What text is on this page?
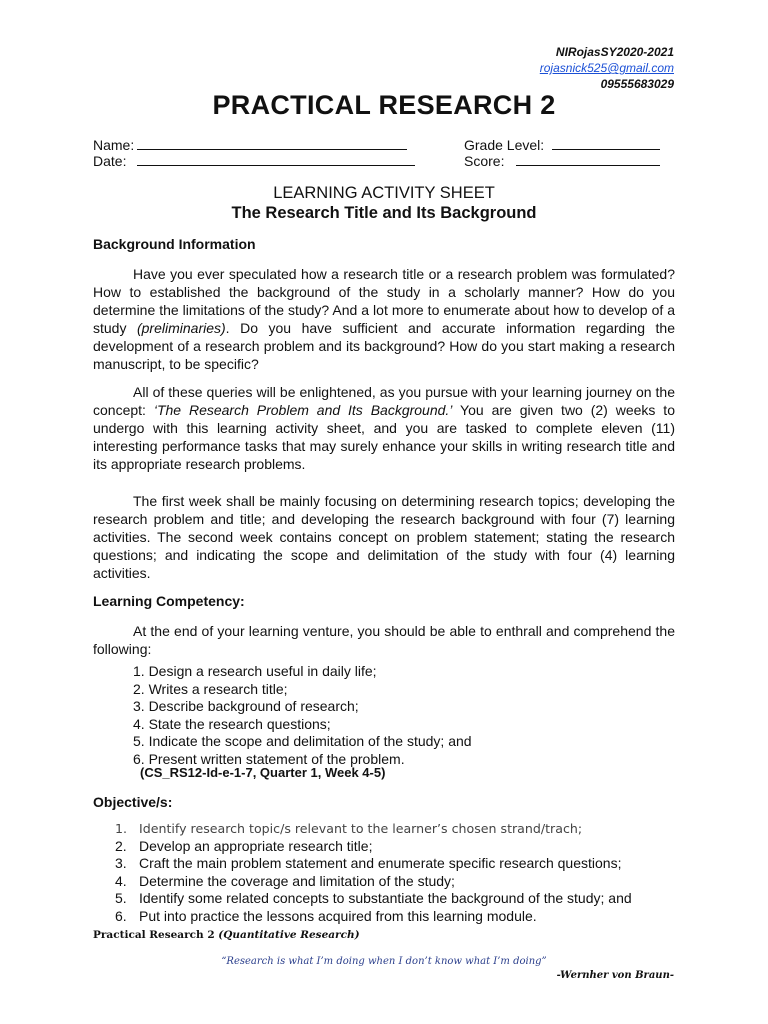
NIRojasSY2020-2021
rojasnick525@gmail.com
09555683029
PRACTICAL RESEARCH 2
Name:	Grade Level:
Date:	Score:
LEARNING ACTIVITY SHEET
The Research Title and Its Background
Background Information
Have you ever speculated how a research title or a research problem was formulated? How to established the background of the study in a scholarly manner? How do you determine the limitations of the study? And a lot more to enumerate about how to develop of a study (preliminaries). Do you have sufficient and accurate information regarding the development of a research problem and its background? How do you start making a research manuscript, to be specific?
All of these queries will be enlightened, as you pursue with your learning journey on the concept: ‘The Research Problem and Its Background.’ You are given two (2) weeks to undergo with this learning activity sheet, and you are tasked to complete eleven (11) interesting performance tasks that may surely enhance your skills in writing research title and its appropriate research problems.
The first week shall be mainly focusing on determining research topics; developing the research problem and title; and developing the research background with four (7) learning activities. The second week contains concept on problem statement; stating the research questions; and indicating the scope and delimitation of the study with four (4) learning activities.
Learning Competency:
At the end of your learning venture, you should be able to enthrall and comprehend the following:
1. Design a research useful in daily life;
2. Writes a research title;
3. Describe background of research;
4. State the research questions;
5. Indicate the scope and delimitation of the study; and
6. Present written statement of the problem.
(CS_RS12-Id-e-1-7, Quarter 1, Week 4-5)
Objective/s:
1. Identify research topic/s relevant to the learner’s chosen strand/trach;
2. Develop an appropriate research title;
3. Craft the main problem statement and enumerate specific research questions;
4. Determine the coverage and limitation of the study;
5. Identify some related concepts to substantiate the background of the study; and
6. Put into practice the lessons acquired from this learning module.
Practical Research 2 (Quantitative Research)
“Research is what I’m doing when I don’t know what I’m doing”
-Wernher von Braun-
